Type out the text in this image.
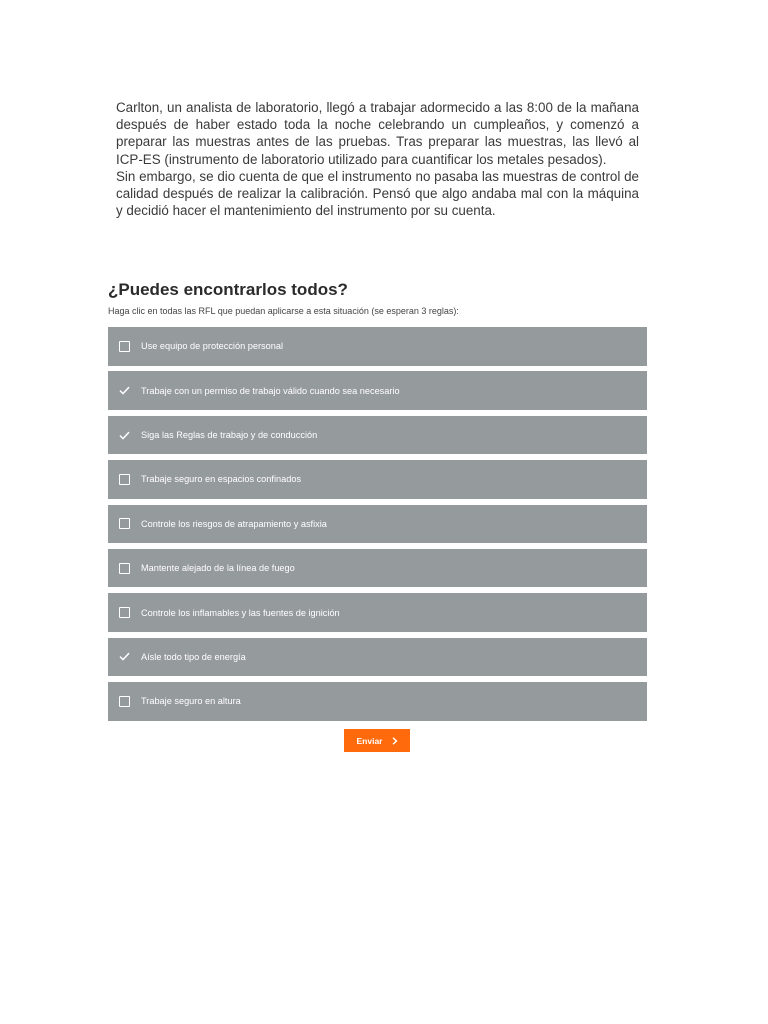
Carlton, un analista de laboratorio, llegó a trabajar adormecido a las 8:00 de la mañana después de haber estado toda la noche celebrando un cumpleaños, y comenzó a preparar las muestras antes de las pruebas. Tras preparar las muestras, las llevó al ICP-ES (instrumento de laboratorio utilizado para cuantificar los metales pesados).

Sin embargo, se dio cuenta de que el instrumento no pasaba las muestras de control de calidad después de realizar la calibración. Pensó que algo andaba mal con la máquina y decidió hacer el mantenimiento del instrumento por su cuenta.

¿Puedes encontrarlos todos?
Haga clic en todas las RFL que puedan aplicarse a esta situación (se esperan 3 reglas):
Use equipo de protección personal
Trabaje con un permiso de trabajo válido cuando sea necesario
Siga las Reglas de trabajo y de conducción
Trabaje seguro en espacios confinados
Controle los riesgos de atrapamiento y asfixia
Mantente alejado de la línea de fuego
Controle los inflamables y las fuentes de ignición
Aísle todo tipo de energía
Trabaje seguro en altura
Enviar
